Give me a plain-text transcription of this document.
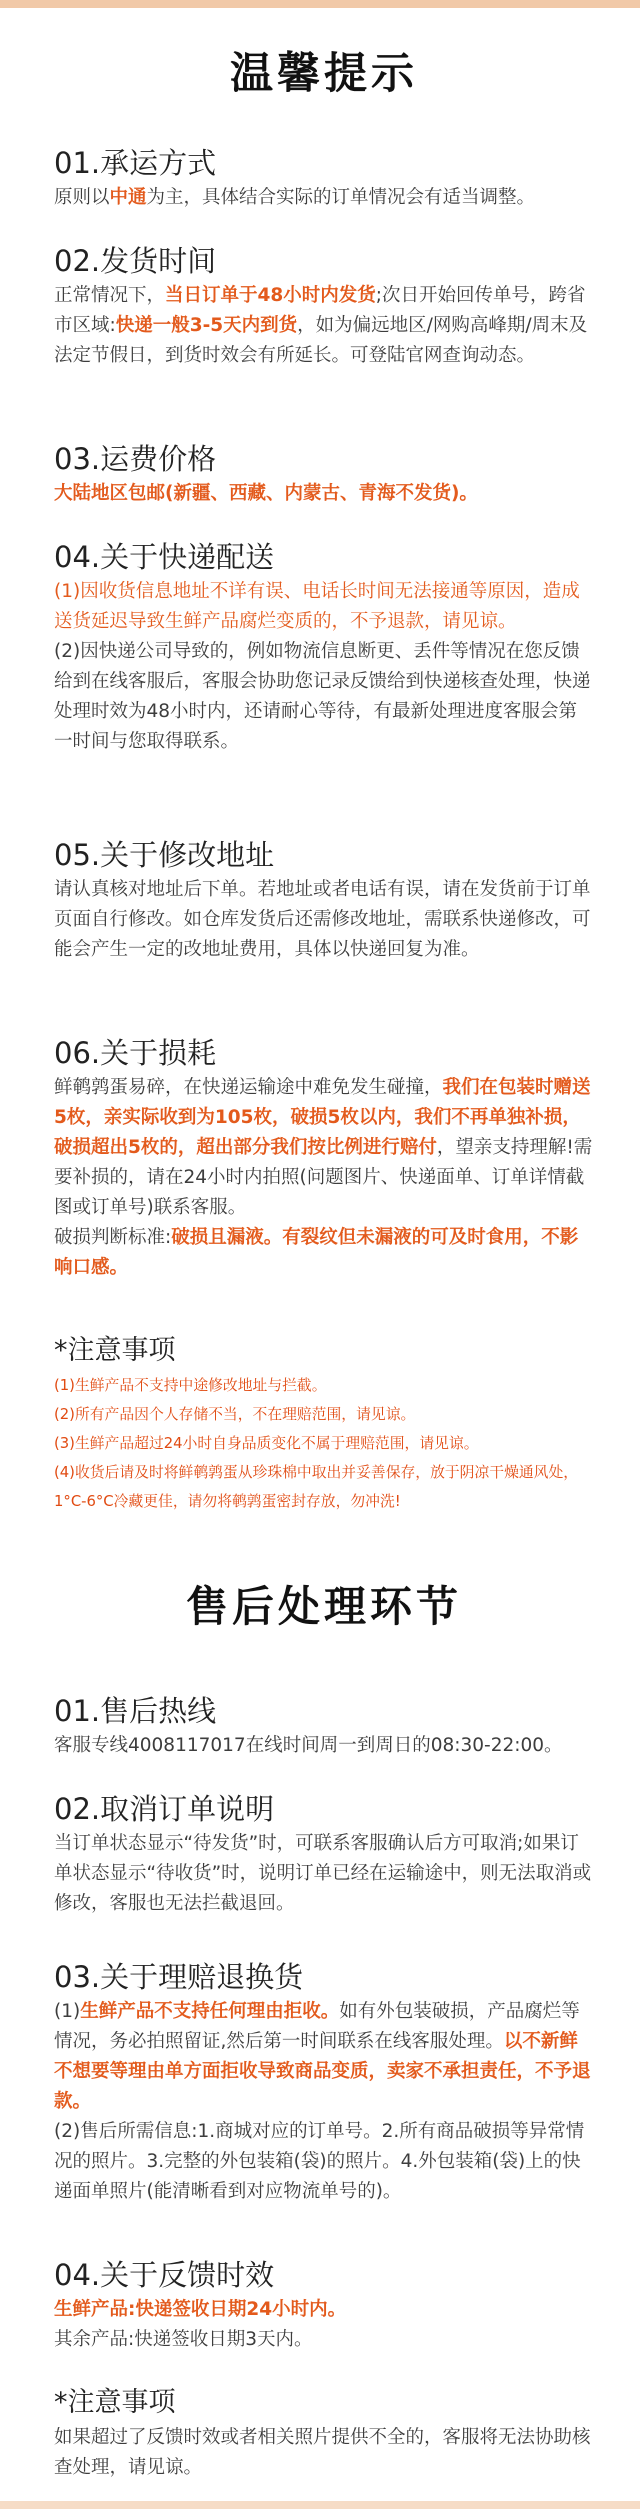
温馨提示
01.承运方式

原则以中通为主，具体结合实际的订单情况会有适当调整。

02.发货时间

正常情况下，当日订单于48小时内发货;次日开始回传单号，跨省市区域:快递一般3-5天内到货，如为偏远地区/网购高峰期/周末及法定节假日，到货时效会有所延长。可登陆官网查询动态。

03.运费价格

大陆地区包邮(新疆、西藏、内蒙古、青海不发货)。

04.关于快递配送

(1)因收货信息地址不详有误、电话长时间无法接通等原因，造成送货延迟导致生鲜产品腐烂变质的，不予退款，请见谅。

(2)因快递公司导致的，例如物流信息断更、丢件等情况在您反馈给到在线客服后，客服会协助您记录反馈给到快递核查处理，快递处理时效为48小时内，还请耐心等待，有最新处理进度客服会第一时间与您取得联系。

05.关于修改地址

请认真核对地址后下单。若地址或者电话有误，请在发货前于订单页面自行修改。如仓库发货后还需修改地址，需联系快递修改，可能会产生一定的改地址费用，具体以快递回复为准。

06.关于损耗

鲜鹌鹑蛋易碎，在快递运输途中难免发生碰撞，我们在包装时赠送5枚，亲实际收到为105枚，破损5枚以内，我们不再单独补损，破损超出5枚的，超出部分我们按比例进行赔付，望亲支持理解!需要补损的，请在24小时内拍照(问题图片、快递面单、订单详情截图或订单号)联系客服。

破损判断标准:破损且漏液。有裂纹但未漏液的可及时食用，不影响口感。

*注意事项

(1)生鲜产品不支持中途修改地址与拦截。

(2)所有产品因个人存储不当，不在理赔范围，请见谅。

(3)生鲜产品超过24小时自身品质变化不属于理赔范围，请见谅。

(4)收货后请及时将鲜鹌鹑蛋从珍珠棉中取出并妥善保存，放于阴凉干燥通风处，1°C-6°C冷藏更佳，请勿将鹌鹑蛋密封存放，勿冲洗!

售后处理环节
01.售后热线

客服专线4008117017在线时间周一到周日的08:30-22:00。

02.取消订单说明

当订单状态显示“待发货”时，可联系客服确认后方可取消;如果订单状态显示“待收货”时，说明订单已经在运输途中，则无法取消或修改，客服也无法拦截退回。

03.关于理赔退换货

(1)生鲜产品不支持任何理由拒收。如有外包装破损，产品腐烂等情况，务必拍照留证,然后第一时间联系在线客服处理。以不新鲜不想要等理由单方面拒收导致商品变质，卖家不承担责任，不予退款。

(2)售后所需信息:1.商城对应的订单号。2.所有商品破损等异常情况的照片。3.完整的外包装箱(袋)的照片。4.外包装箱(袋)上的快递面单照片(能清晰看到对应物流单号的)。

04.关于反馈时效

生鲜产品:快递签收日期24小时内。

其余产品:快递签收日期3天内。

*注意事项

如果超过了反馈时效或者相关照片提供不全的，客服将无法协助核查处理，请见谅。
